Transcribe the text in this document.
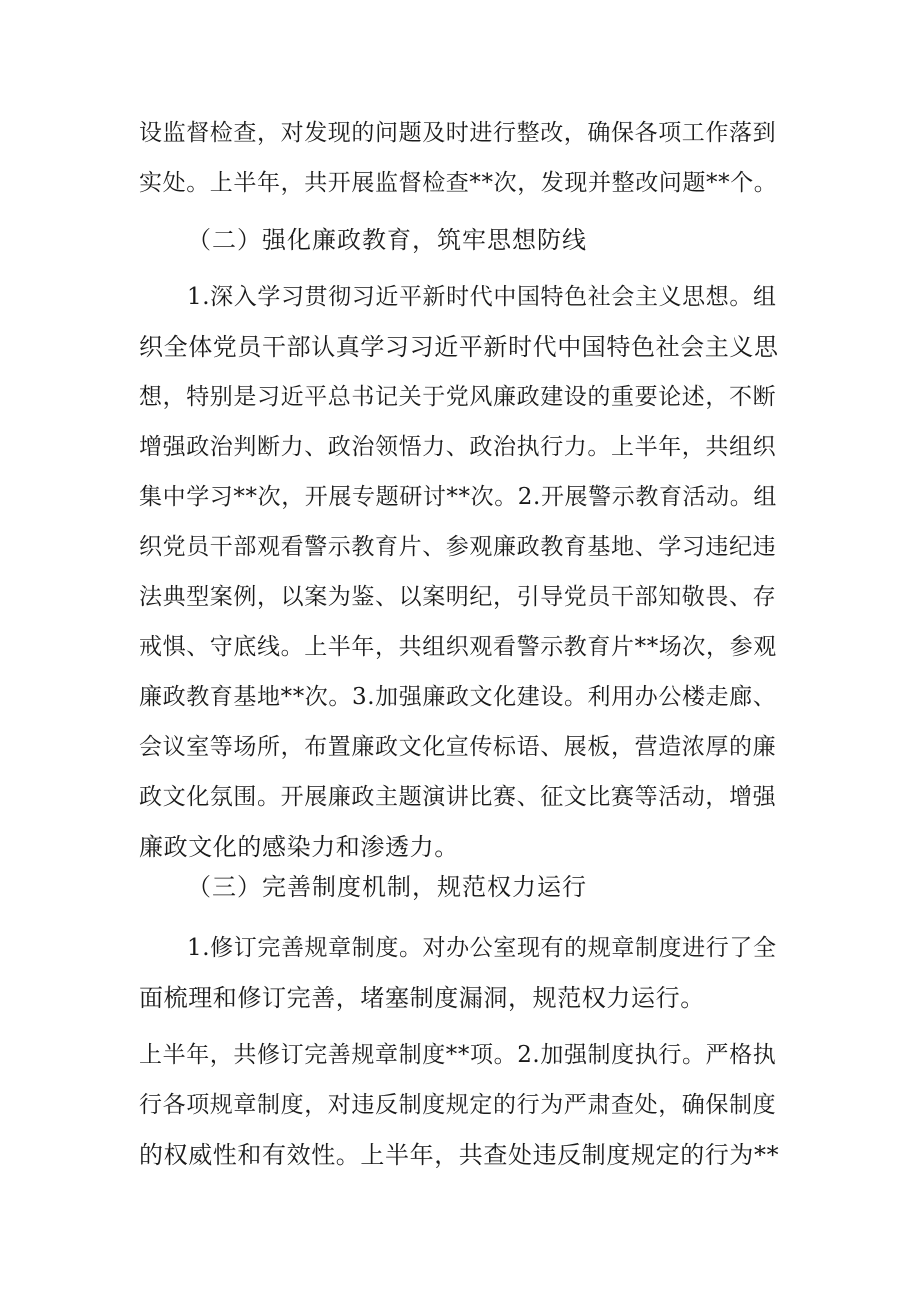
设监督检查，对发现的问题及时进行整改，确保各项工作落到

实处。上半年，共开展监督检查**次，发现并整改问题**个。

（二）强化廉政教育，筑牢思想防线

1.深入学习贯彻习近平新时代中国特色社会主义思想。组

织全体党员干部认真学习习近平新时代中国特色社会主义思

想，特别是习近平总书记关于党风廉政建设的重要论述，不断

增强政治判断力、政治领悟力、政治执行力。上半年，共组织

集中学习**次，开展专题研讨**次。2.开展警示教育活动。组

织党员干部观看警示教育片、参观廉政教育基地、学习违纪违

法典型案例，以案为鉴、以案明纪，引导党员干部知敬畏、存

戒惧、守底线。上半年，共组织观看警示教育片**场次，参观

廉政教育基地**次。3.加强廉政文化建设。利用办公楼走廊、

会议室等场所，布置廉政文化宣传标语、展板，营造浓厚的廉

政文化氛围。开展廉政主题演讲比赛、征文比赛等活动，增强

廉政文化的感染力和渗透力。

（三）完善制度机制，规范权力运行

1.修订完善规章制度。对办公室现有的规章制度进行了全

面梳理和修订完善，堵塞制度漏洞，规范权力运行。

上半年，共修订完善规章制度**项。2.加强制度执行。严格执

行各项规章制度，对违反制度规定的行为严肃查处，确保制度

的权威性和有效性。上半年，共查处违反制度规定的行为**
